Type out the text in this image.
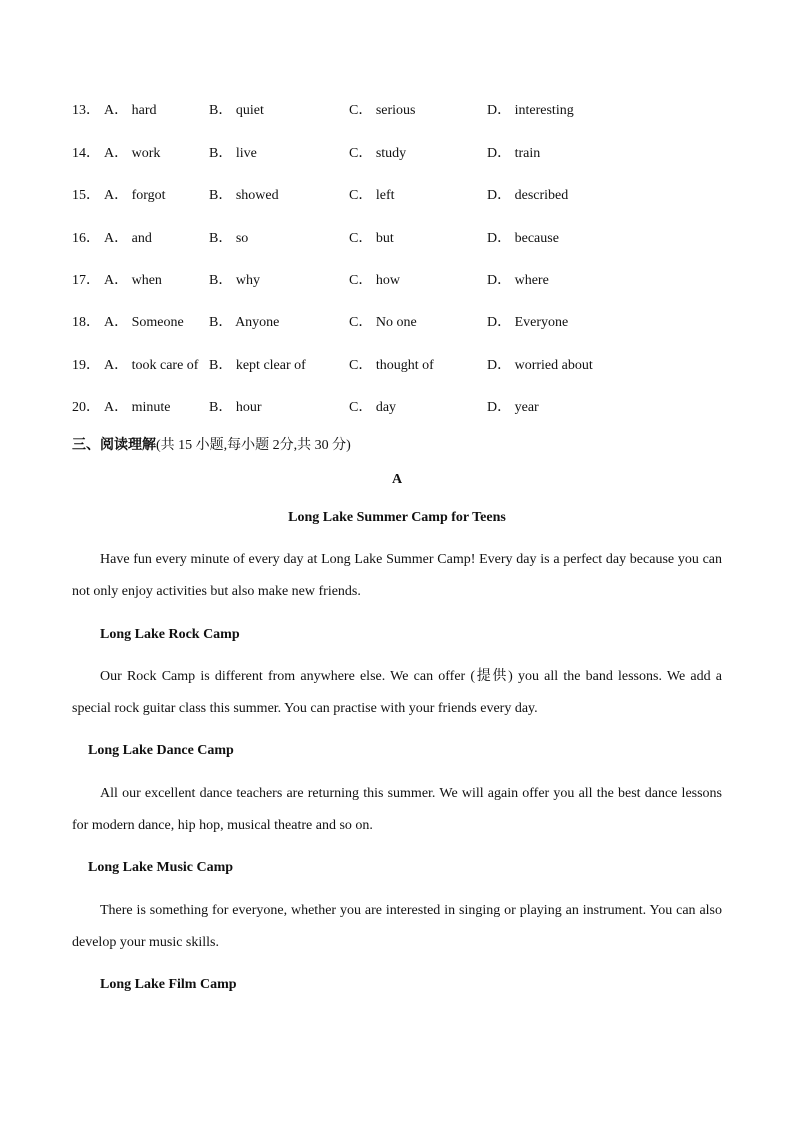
13． A． hard	B． quiet	C． serious	D． interesting
14． A． work	B． live	C． study	D． train
15． A． forgot	B． showed	C． left	D． described
16． A． and	B． so	C． but	D． because
17． A． when	B． why	C． how	D． where
18． A． Someone B． Anyone	C． No one	D． Everyone
19． A． took care of B． kept clear of	C． thought of	D． worried about
20． A． minute	B． hour	C． day	D． year
三、阅读理解(共 15 小题,每小题 2分,共 30 分)
A
Long Lake Summer Camp for Teens
Have fun every minute of every day at Long Lake Summer Camp! Every day is a perfect day because you can not only enjoy activities but also make new friends.
Long Lake Rock Camp
Our Rock Camp is different from anywhere else. We can offer (提供) you all the band lessons. We add a special rock guitar class this summer. You can practise with your friends every day.
Long Lake Dance Camp
All our excellent dance teachers are returning this summer. We will again offer you all the best dance lessons for modern dance, hip hop, musical theatre and so on.
Long Lake Music Camp
There is something for everyone, whether you are interested in singing or playing an instrument. You can also develop your music skills.
Long Lake Film Camp
